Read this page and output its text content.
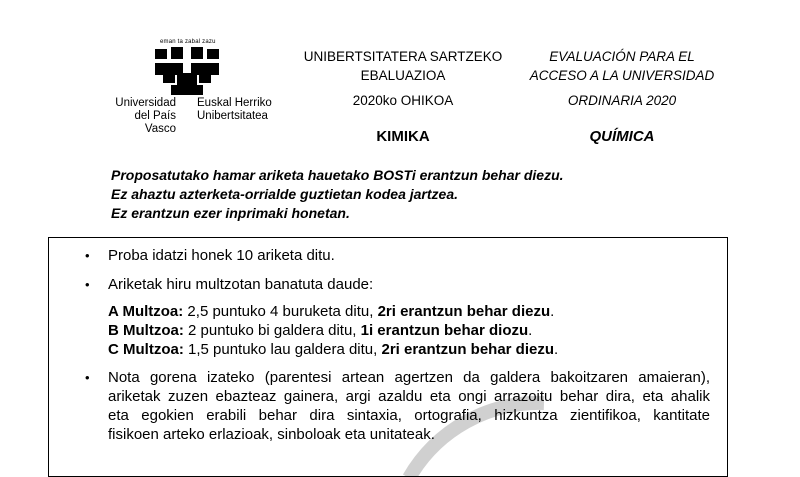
eman ta zabal zazu
Universidad
del País Vasco
Euskal Herriko
Unibertsitatea
UNIBERTSITATERA SARTZEKO
EBALUAZIOA
2020ko OHIKOA
KIMIKA
EVALUACIÓN PARA EL
ACCESO A LA UNIVERSIDAD
ORDINARIA 2020
QUÍMICA
Proposatutako hamar ariketa hauetako BOSTi erantzun behar diezu.
Ez ahaztu azterketa-orrialde guztietan kodea jartzea.
Ez erantzun ezer inprimaki honetan.
• Proba idatzi honek 10 ariketa ditu.
• Ariketak hiru multzotan banatuta daude:
A Multzoa: 2,5 puntuko 4 buruketa ditu, 2ri erantzun behar diezu.
B Multzoa: 2 puntuko bi galdera ditu, 1i erantzun behar diozu.
C Multzoa: 1,5 puntuko lau galdera ditu, 2ri erantzun behar diezu.
• Nota gorena izateko (parentesi artean agertzen da galdera bakoitzaren amaieran),
ariketak zuzen ebazteaz gainera, argi azaldu eta ongi arrazoitu behar dira, eta ahalik
eta egokien erabili behar dira sintaxia, ortografia, hizkuntza zientifikoa, kantitate
fisikoen arteko erlazioak, sinboloak eta unitateak.
